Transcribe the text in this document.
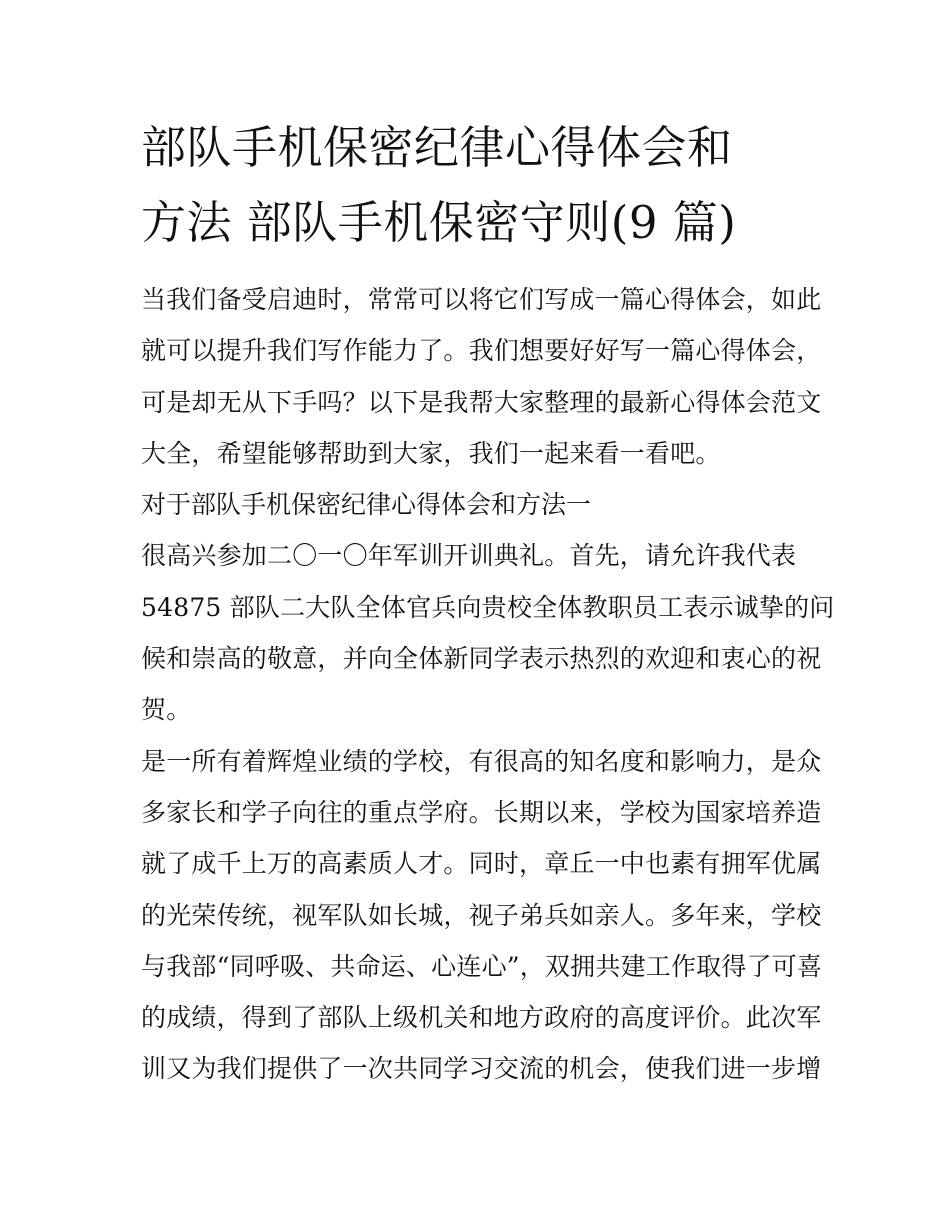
部队手机保密纪律心得体会和
方法 部队手机保密守则(9 篇)

当我们备受启迪时，常常可以将它们写成一篇心得体会，如此
就可以提升我们写作能力了。我们想要好好写一篇心得体会，
可是却无从下手吗？以下是我帮大家整理的最新心得体会范文
大全，希望能够帮助到大家，我们一起来看一看吧。

对于部队手机保密纪律心得体会和方法一

很高兴参加二〇一〇年军训开训典礼。首先，请允许我代表
54875 部队二大队全体官兵向贵校全体教职员工表示诚挚的问
候和崇高的敬意，并向全体新同学表示热烈的欢迎和衷心的祝
贺。

是一所有着辉煌业绩的学校，有很高的知名度和影响力，是众
多家长和学子向往的重点学府。长期以来，学校为国家培养造
就了成千上万的高素质人才。同时，章丘一中也素有拥军优属
的光荣传统，视军队如长城，视子弟兵如亲人。多年来，学校
与我部“同呼吸、共命运、心连心”，双拥共建工作取得了可喜
的成绩，得到了部队上级机关和地方政府的高度评价。此次军
训又为我们提供了一次共同学习交流的机会，使我们进一步增
